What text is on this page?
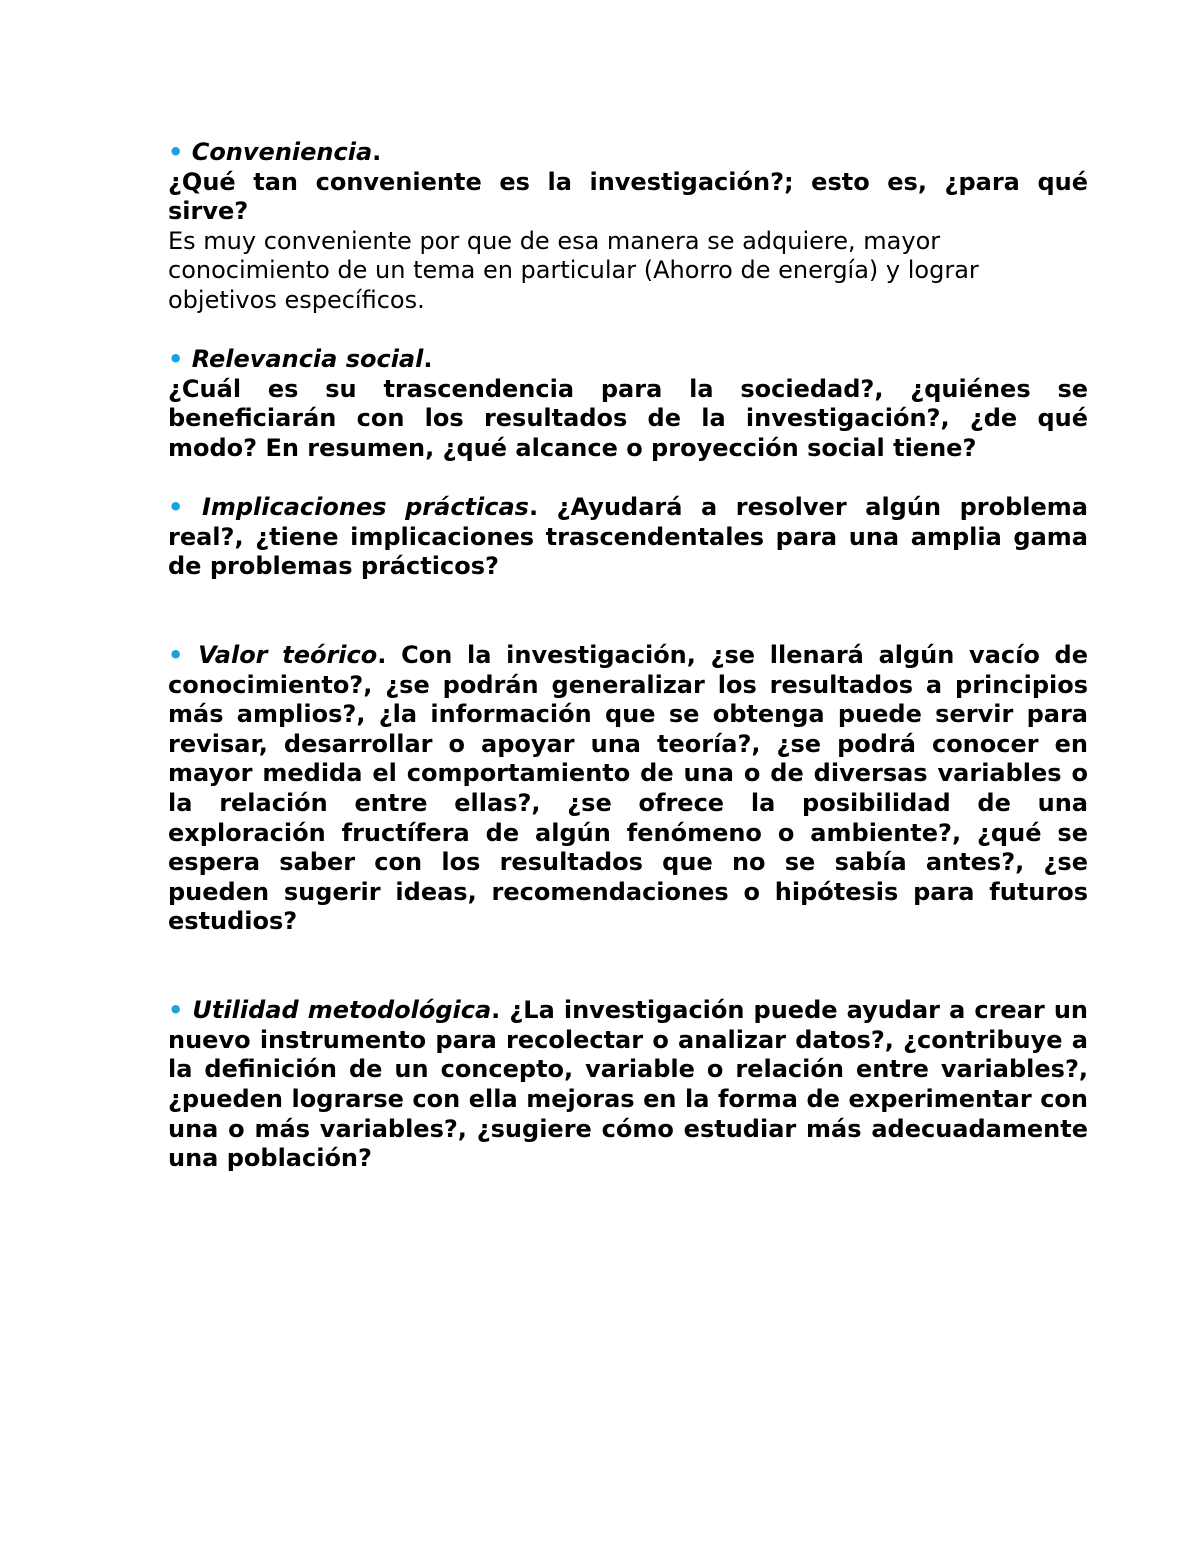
• Conveniencia.
¿Qué tan conveniente es la investigación?; esto es, ¿para qué sirve?

Es muy conveniente por que de esa manera se adquiere, mayor conocimiento de un tema en particular (Ahorro de energía) y lograr objetivos específicos.

• Relevancia social.
¿Cuál es su trascendencia para la sociedad?, ¿quiénes se beneficiarán con los resultados de la investigación?, ¿de qué modo? En resumen, ¿qué alcance o proyección social tiene?

• Implicaciones prácticas. ¿Ayudará a resolver algún problema real?, ¿tiene implicaciones trascendentales para una amplia gama de problemas prácticos?

• Valor teórico. Con la investigación, ¿se llenará algún vacío de conocimiento?, ¿se podrán generalizar los resultados a principios más amplios?, ¿la información que se obtenga puede servir para revisar, desarrollar o apoyar una teoría?, ¿se podrá conocer en mayor medida el comportamiento de una o de diversas variables o la relación entre ellas?, ¿se ofrece la posibilidad de una exploración fructífera de algún fenómeno o ambiente?, ¿qué se espera saber con los resultados que no se sabía antes?, ¿se pueden sugerir ideas, recomendaciones o hipótesis para futuros estudios?

• Utilidad metodológica. ¿La investigación puede ayudar a crear un nuevo instrumento para recolectar o analizar datos?, ¿contribuye a la definición de un concepto, variable o relación entre variables?, ¿pueden lograrse con ella mejoras en la forma de experimentar con una o más variables?, ¿sugiere cómo estudiar más adecuadamente una población?
